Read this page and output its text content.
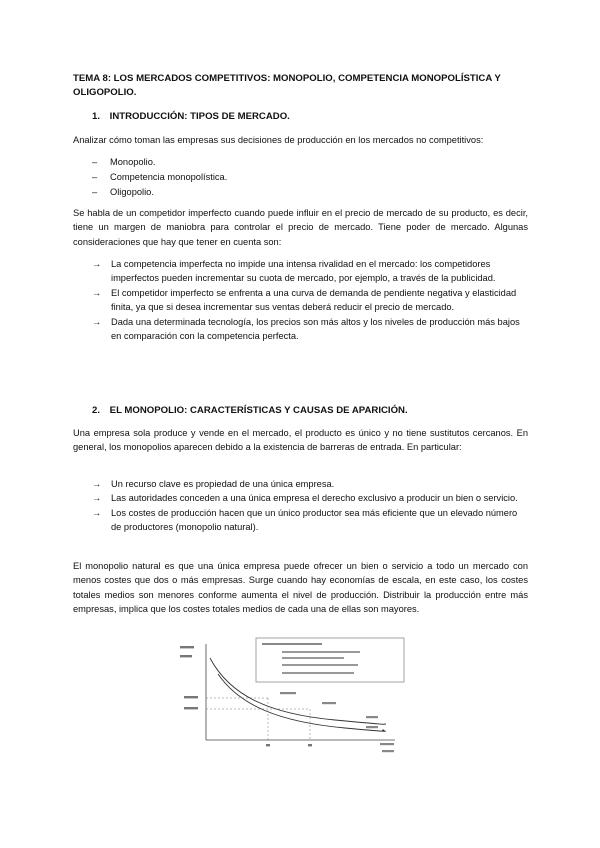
TEMA 8: LOS MERCADOS COMPETITIVOS: MONOPOLIO, COMPETENCIA MONOPOLÍSTICA Y OLIGOPOLIO.
1. INTRODUCCIÓN: TIPOS DE MERCADO.
Analizar cómo toman las empresas sus decisiones de producción en los mercados no competitivos:
–	Monopolio.
–	Competencia monopolística.
–	Oligopolio.
Se habla de un competidor imperfecto cuando puede influir en el precio de mercado de su producto, es decir, tiene un margen de maniobra para controlar el precio de mercado. Tiene poder de mercado. Algunas consideraciones que hay que tener en cuenta son:
→	La competencia imperfecta no impide una intensa rivalidad en el mercado: los competidores imperfectos pueden incrementar su cuota de mercado, por ejemplo, a través de la publicidad.
→	El competidor imperfecto se enfrenta a una curva de demanda de pendiente negativa y elasticidad finita, ya que si desea incrementar sus ventas deberá reducir el precio de mercado.
→	Dada una determinada tecnología, los precios son más altos y los niveles de producción más bajos en comparación con la competencia perfecta.
2. EL MONOPOLIO: CARACTERÍSTICAS Y CAUSAS DE APARICIÓN.
Una empresa sola produce y vende en el mercado, el producto es único y no tiene sustitutos cercanos. En general, los monopolios aparecen debido a la existencia de barreras de entrada. En particular:
→	Un recurso clave es propiedad de una única empresa.
→	Las autoridades conceden a una única empresa el derecho exclusivo a producir un bien o servicio.
→	Los costes de producción hacen que un único productor sea más eficiente que un elevado número de productores (monopolio natural).
El monopolio natural es que una única empresa puede ofrecer un bien o servicio a todo un mercado con menos costes que dos o más empresas. Surge cuando hay economías de escala, en este caso, los costes totales medios son menores conforme aumenta el nivel de producción. Distribuir la producción entre más empresas, implica que los costes totales medios de cada una de ellas son mayores.
